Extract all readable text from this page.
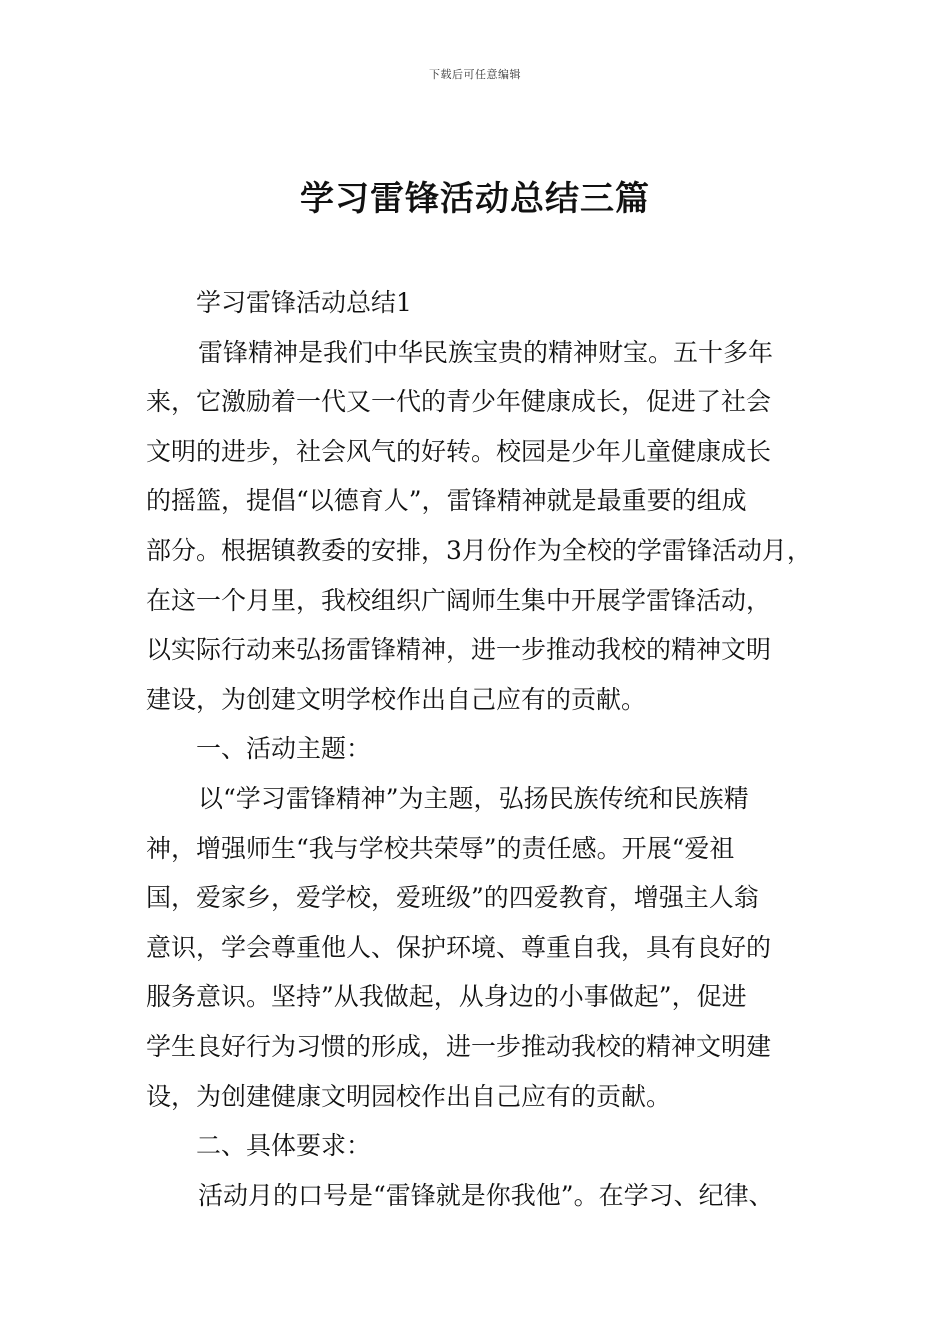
下载后可任意编辑
学习雷锋活动总结三篇
学习雷锋活动总结1
雷锋精神是我们中华民族宝贵的精神财宝。五十多年
来，它激励着一代又一代的青少年健康成长，促进了社会
文明的进步，社会风气的好转。校园是少年儿童健康成长
的摇篮，提倡“以德育人”，雷锋精神就是最重要的组成
部分。根据镇教委的安排，3月份作为全校的学雷锋活动月，
在这一个月里，我校组织广阔师生集中开展学雷锋活动，
以实际行动来弘扬雷锋精神，进一步推动我校的精神文明
建设，为创建文明学校作出自己应有的贡献。
一、活动主题：
以“学习雷锋精神”为主题，弘扬民族传统和民族精
神，增强师生“我与学校共荣辱”的责任感。开展“爱祖
国，爱家乡，爱学校，爱班级”的四爱教育，增强主人翁
意识，学会尊重他人、保护环境、尊重自我，具有良好的
服务意识。坚持”从我做起，从身边的小事做起”，促进
学生良好行为习惯的形成，进一步推动我校的精神文明建
设，为创建健康文明园校作出自己应有的贡献。
二、具体要求：
活动月的口号是“雷锋就是你我他”。在学习、纪律、
